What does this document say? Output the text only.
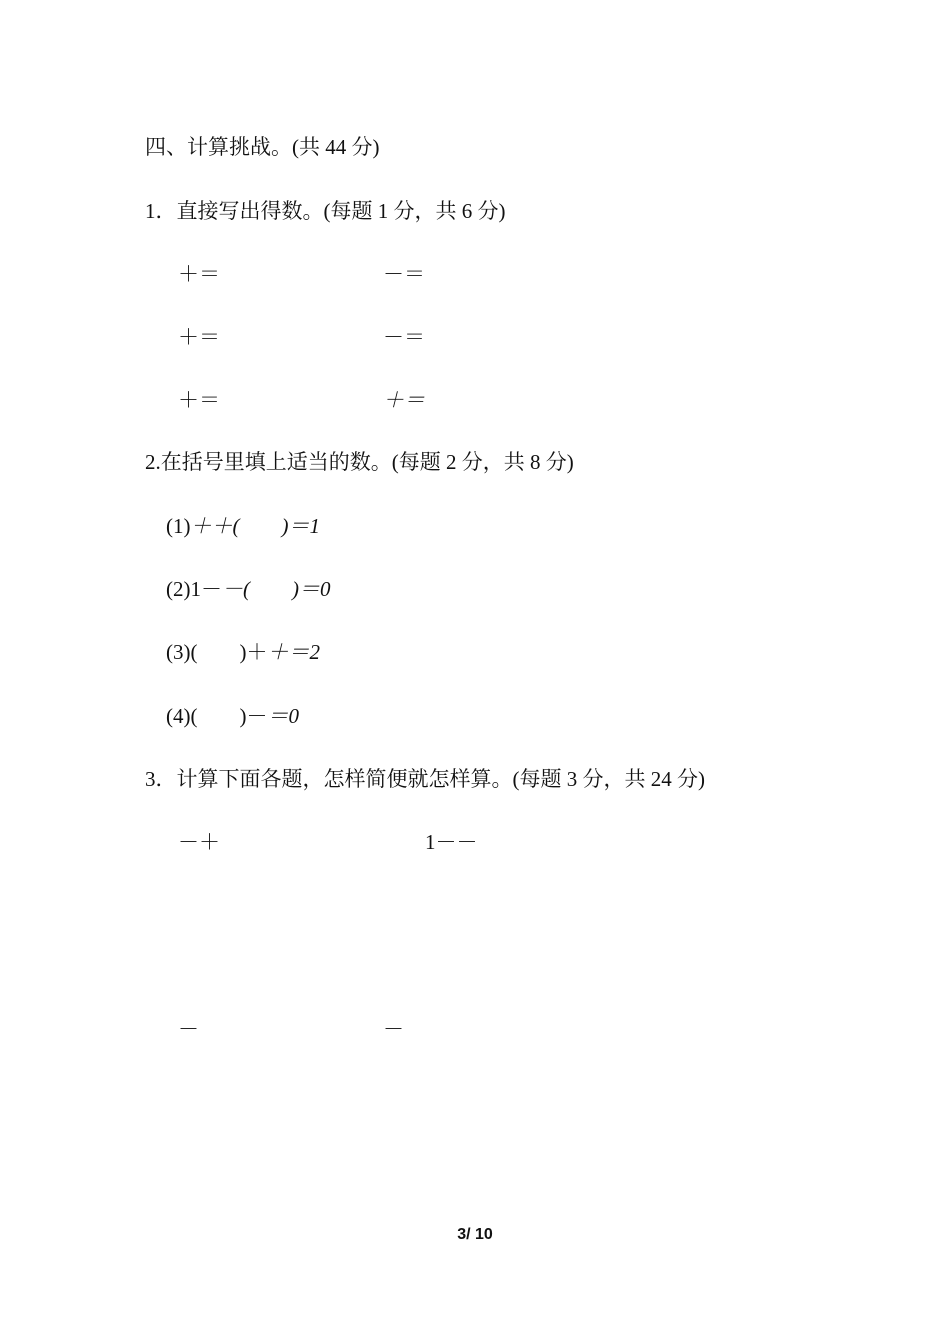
四、计算挑战。(共 44 分)
1．直接写出得数。(每题 1 分，共 6 分)
＋＝	－＝
＋＝	－＝
＋＝	＋＝
2.在括号里填上适当的数。(每题 2 分，共 8 分)
(1)＋＋(　　)＝1
(2)1－－(　　)＝0
(3)(　　)＋＋＝2
(4)(　　)－＝0
3．计算下面各题，怎样简便就怎样算。(每题 3 分，共 24 分)
－＋	1－－
－	－
3/ 10
